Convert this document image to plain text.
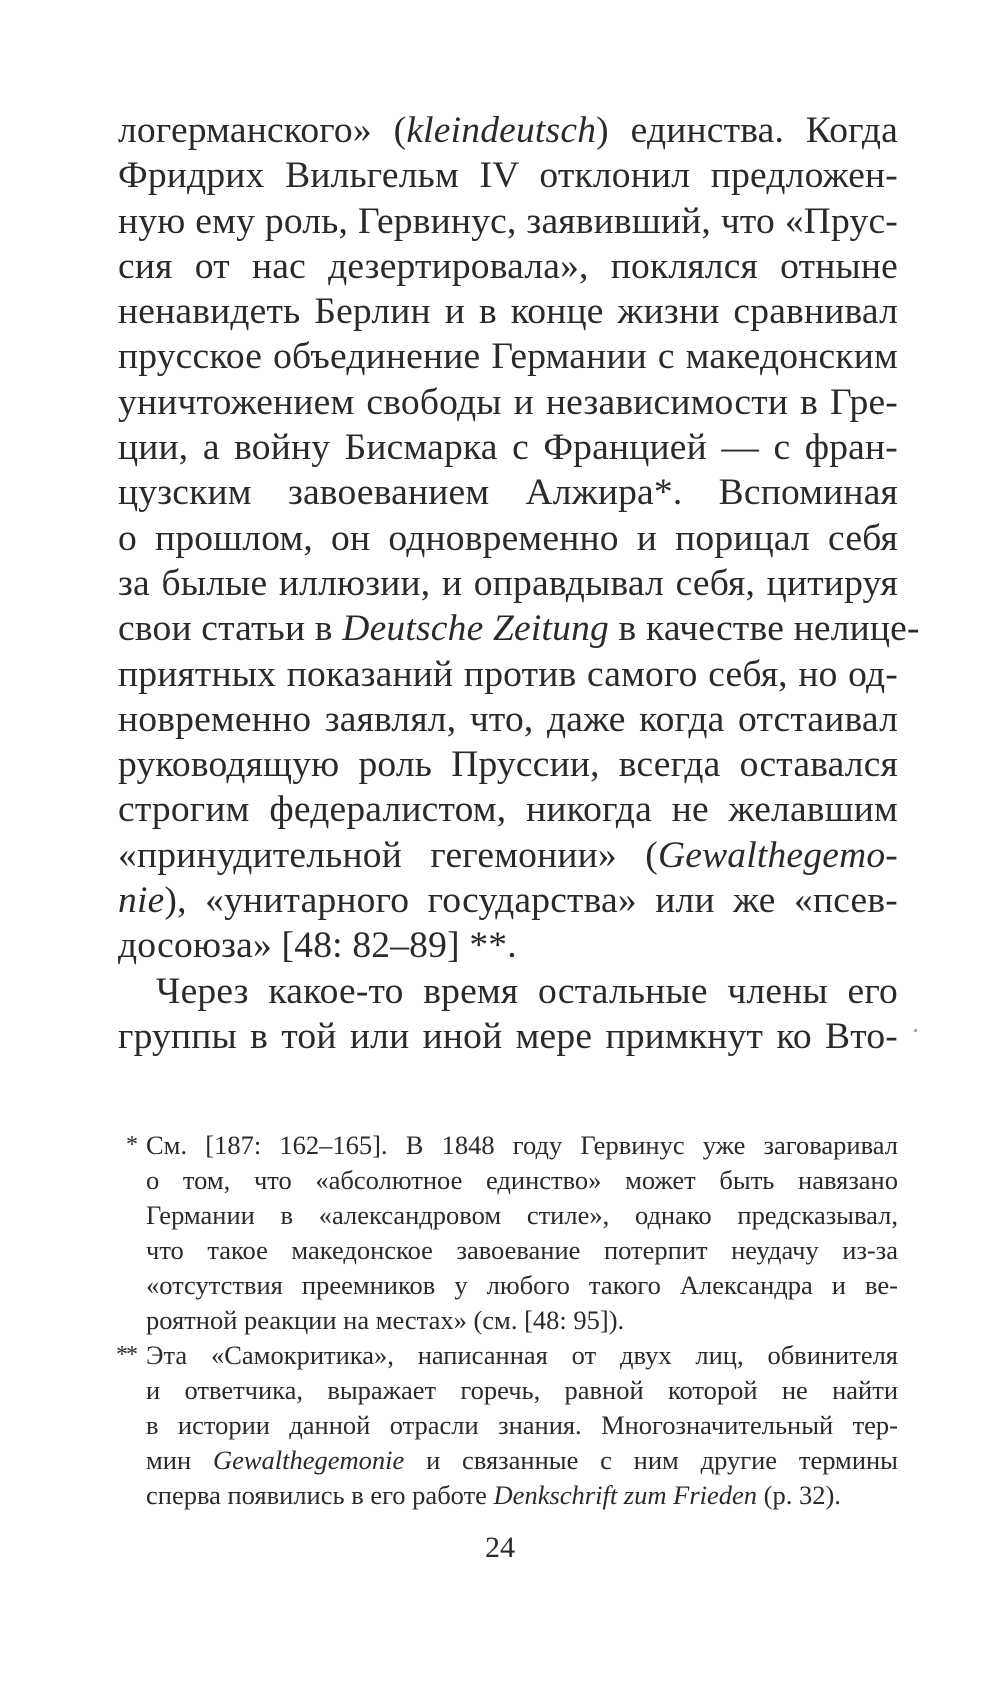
логерманского» (kleindeutsch) единства. Когда
Фридрих Вильгельм IV отклонил предложен-
ную ему роль, Гервинус, заявивший, что «Прус-
сия от нас дезертировала», поклялся отныне
ненавидеть Берлин и в конце жизни сравнивал
прусское объединение Германии с македонским
уничтожением свободы и независимости в Гре-
ции, а войну Бисмарка с Францией — с фран-
цузским завоеванием Алжира*. Вспоминая
о прошлом, он одновременно и порицал себя
за былые иллюзии, и оправдывал себя, цитируя
свои статьи в Deutsche Zeitung в качестве нелице-
приятных показаний против самого себя, но од-
новременно заявлял, что, даже когда отстаивал
руководящую роль Пруссии, всегда оставался
строгим федералистом, никогда не желавшим
«принудительной гегемонии» (Gewalthegemo-
nie), «унитарного государства» или же «псев-
досоюза» [48: 82–89] **.
Через какое-то время остальные члены его
группы в той или иной мере примкнут ко Вто-
* См. [187: 162–165]. В 1848 году Гервинус уже заговаривал
о том, что «абсолютное единство» может быть навязано
Германии в «александровом стиле», однако предсказывал,
что такое македонское завоевание потерпит неудачу из-за
«отсутствия преемников у любого такого Александра и ве-
роятной реакции на местах» (см. [48: 95]).
** Эта «Самокритика», написанная от двух лиц, обвинителя
и ответчика, выражает горечь, равной которой не найти
в истории данной отрасли знания. Многозначительный тер-
мин Gewalthegemonie и связанные с ним другие термины
сперва появились в его работе Denkschrift zum Frieden (p. 32).
24
